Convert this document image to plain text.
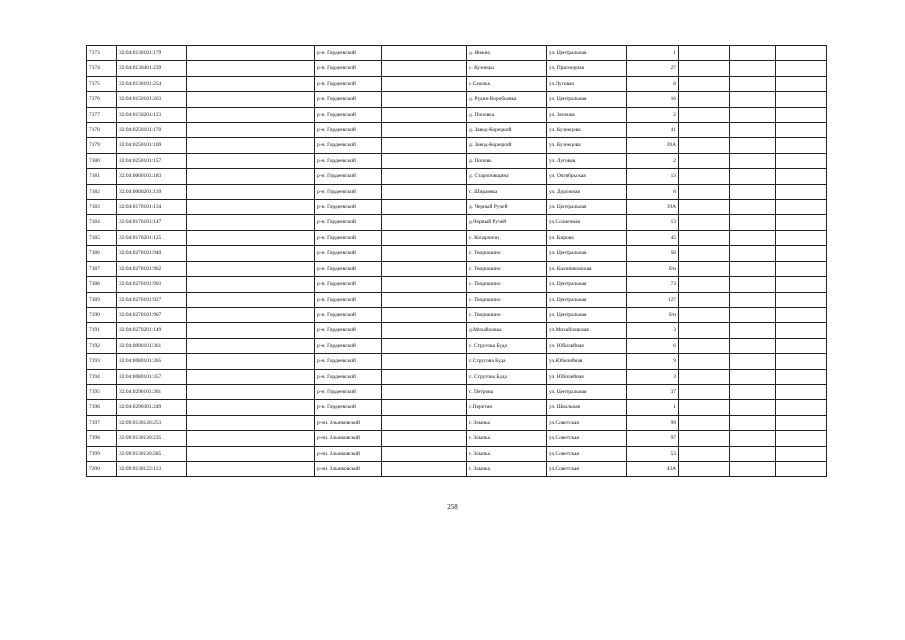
7173	32:04:0130101:179		р-н. Гордеевский		д. Янжно	ул. Центральная	1			
7174	32:04:0130401:239		р-н. Гордеевский		с. Кузнецы	ул. Приозерная	27			
7175	32:04:0130101:254		р-н. Гордеевский		с.Смольк	ул.Луговая	8			
7176	32:04:0150101:263		р-н. Гордеевский		д. Рудня-Воробьевка	ул. Центральная	16			
7177	32:04:0150201:123		р-н. Гордеевский		д. Поповка	ул. Зеленая	2			
7178	32:04:0250101:170		р-н. Гордеевский		д. Завод-Корецкий	ул. Кузнецова	41			
7179	32:04:0250101:169		р-н. Гордеевский		д. Завод-Корецкий	ул. Кузнецова	39А			
7180	32:04:0250101:157		р-н. Гордеевский		д. Поповь	ул. Луговая	2			
7181	32:04:0060101:183		р-н. Гордеевский		д. Староповщина	ул. Октябрьская	13			
7182	32:04:0060201:139		р-н. Гордеевский		с. Шираевка	ул. Дорожная	8			
7183	32:04:0170101:134		р-н. Гордеевский		д. Черный Ручей	ул. Центральная	19А			
7184	32:04:0170101:147		р-н. Гордеевский		д.Черный Ручей	ул.Солнечная	13			
7185	32:04:0170201:125		р-н. Гордеевский		с. Кочарчичи	ул. Кирова	45			
7186	32:04:0270101:940		р-н. Гордеевский		с. Творишино	ул. Центральная	56			
7187	32:04:0270101:962		р-н. Гордеевский		с. Творишино	ул. Калиниковская	б/н			
7188	32:04:0270101:903		р-н. Гордеевский		с. Творишино	ул. Центральная	73			
7189	32:04:0270101:927		р-н. Гордеевский		с. Творишино	ул. Центральная	127			
7190	32:04:0270101:967		р-н. Гордеевский		с. Творишино	ул. Центральная	б/н			
7191	32:04:0270201:149		р-н. Гордеевский		д.Михайловка	ул.Михайловская	3			
7192	32:04:0080101:361		р-н. Гордеевский		с. Струговa Буда	ул. Юбилейная	6			
7193	32:04:0080101:365		р-н. Гордеевский		с.Струговa Буда	ул.Юбилейная	9			
7194	32:04:0080101:357		р-н. Гордеевский		с. Струговa Буда	ул. Юбилейная	3			
7195	32:04:0290101:301		р-н. Гордеевский		с. Петрова	ул. Центральная	37			
7196	32:04:0290301:249		р-н. Гордеевский		с.Перетин	ул. Школьная	1			
7197	32:09:0130120:253		р-он. Злынковский		г. Злынка	ул.Советская	99			
7198	32:09:0130120:235		р-он. Злынковский		г. Злынка	ул.Советская	97			
7199	32:09:0130120:285		р-он. Злынковский		г. Злынка	ул.Советская	53			
7200	32:09:0130122:113		р-он. Злынковский		г. Злынка	ул.Советская	43А			
258
